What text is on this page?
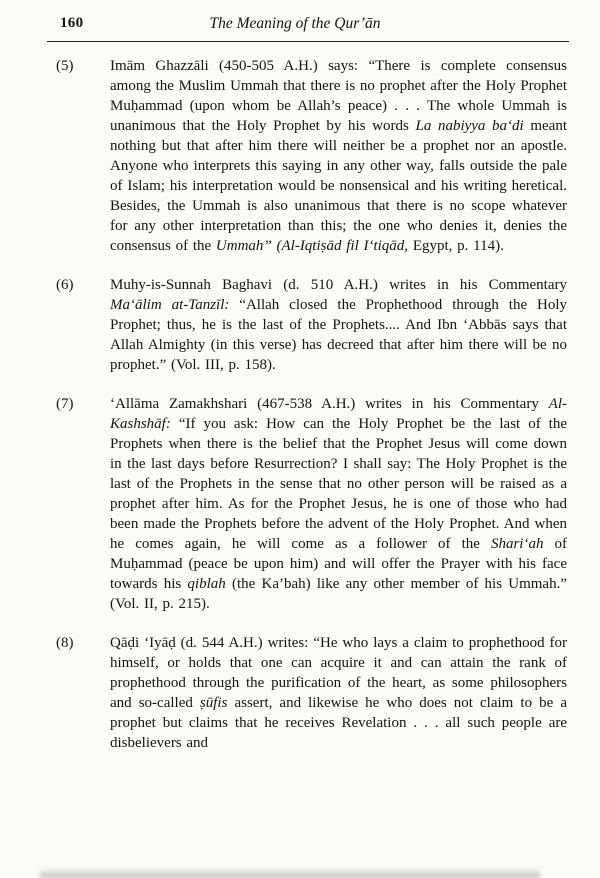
160	The Meaning of the Qur’ān
(5)	Imām Ghazzāli (450-505 A.H.) says: “There is complete consensus among the Muslim Ummah that there is no prophet after the Holy Prophet Muḥammad (upon whom be Allah’s peace) . . . The whole Ummah is unanimous that the Holy Prophet by his words La nabiyya ba‘di meant nothing but that after him there will neither be a prophet nor an apostle. Anyone who interprets this saying in any other way, falls outside the pale of Islam; his interpretation would be nonsensical and his writing heretical. Besides, the Ummah is also unanimous that there is no scope whatever for any other interpretation than this; the one who denies it, denies the consensus of the Ummah” (Al-Iqtiṣād fil I‘tiqād, Egypt, p. 114).

(6)	Muhy-is-Sunnah Baghavi (d. 510 A.H.) writes in his Commentary Ma‘ālim at-Tanzīl: “Allah closed the Prophethood through the Holy Prophet; thus, he is the last of the Prophets.... And Ibn ‘Abbās says that Allah Almighty (in this verse) has decreed that after him there will be no prophet.” (Vol. III, p. 158).

(7)	‘Allāma Zamakhshari (467-538 A.H.) writes in his Commentary Al-Kashshāf: “If you ask: How can the Holy Prophet be the last of the Prophets when there is the belief that the Prophet Jesus will come down in the last days before Resurrection? I shall say: The Holy Prophet is the last of the Prophets in the sense that no other person will be raised as a prophet after him. As for the Prophet Jesus, he is one of those who had been made the Prophets before the advent of the Holy Prophet. And when he comes again, he will come as a follower of the Shari‘ah of Muḥammad (peace be upon him) and will offer the Prayer with his face towards his qiblah (the Ka’bah) like any other member of his Ummah.” (Vol. II, p. 215).

(8)	Qāḍi ‘Iyāḍ (d. 544 A.H.) writes: “He who lays a claim to prophethood for himself, or holds that one can acquire it and can attain the rank of prophethood through the purification of the heart, as some philosophers and so-called ṣūfis assert, and likewise he who does not claim to be a prophet but claims that he receives Revelation . . . all such people are disbelievers and
